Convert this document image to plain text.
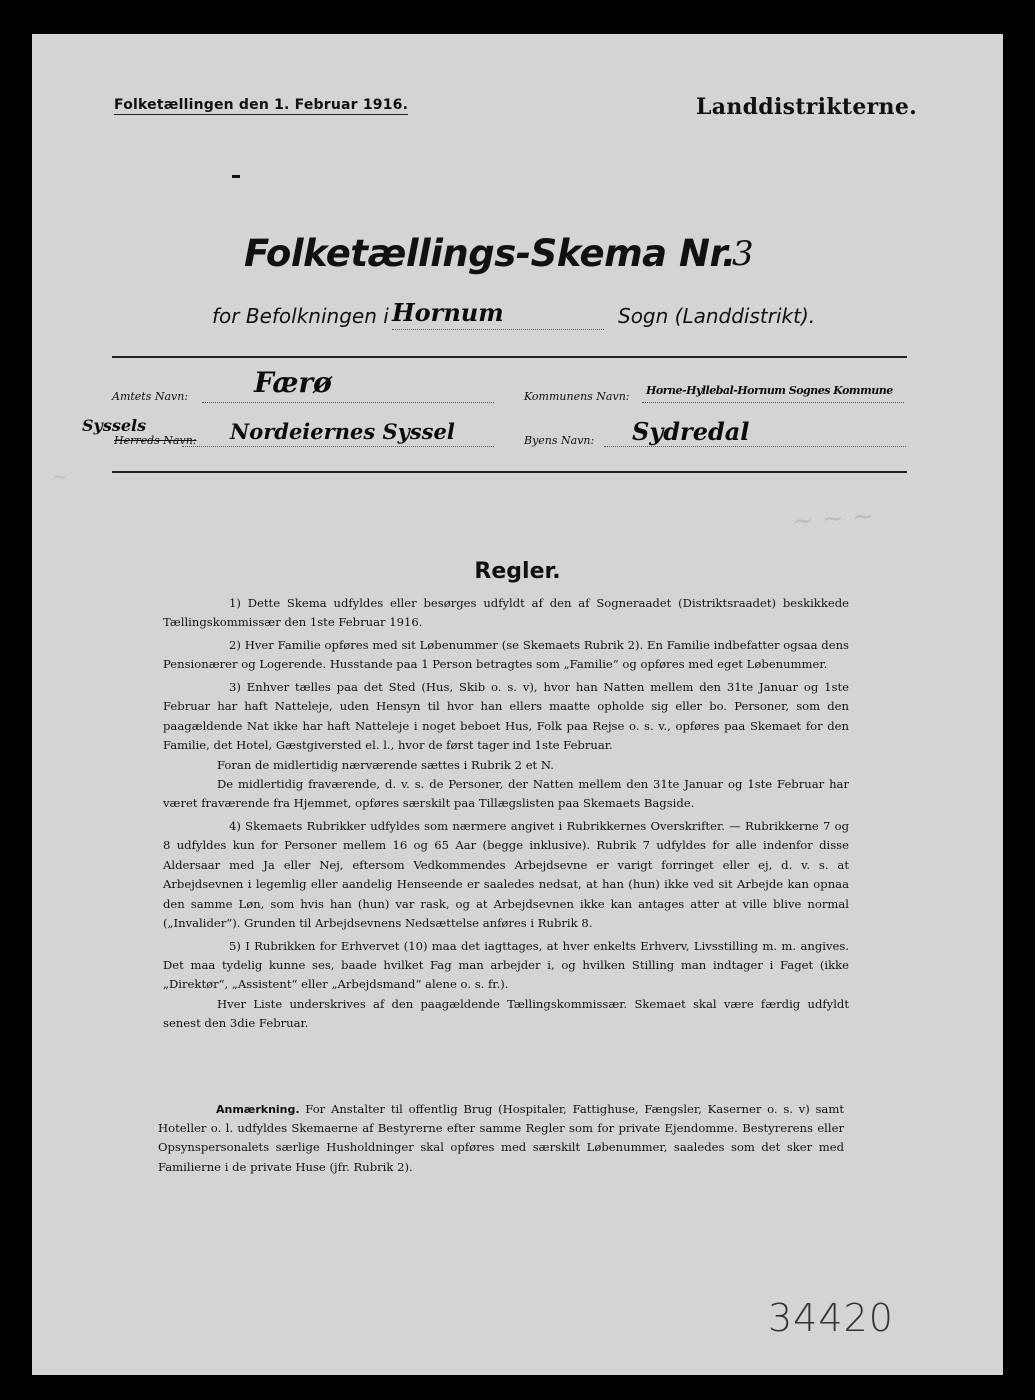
~ ~ ~
~
Folketællingen den 1. Februar 1916.	Landdistrikterne.
Folketællings-Skema Nr.
3
for Befolkningen i Hornum	Sogn (Landdistrikt).
Amtets Navn: Færø	Kommunens Navn: Horne-Hyllebal-Hornum Sognes Kommune
Syssels
Herreds Navn: Nordeiernes Syssel	Byens Navn: Sydredal
Regler.

1) Dette Skema udfyldes eller besørges udfyldt af den af Sogneraadet (Distriktsraadet) beskikkede Tællingskommissær den 1ste Februar 1916.

2) Hver Familie opføres med sit Løbenummer (se Skemaets Rubrik 2). En Familie indbefatter ogsaa dens Pensionærer og Logerende. Husstande paa 1 Person betragtes som „Familie“ og opføres med eget Løbenummer.

3) Enhver tælles paa det Sted (Hus, Skib o. s. v), hvor han Natten mellem den 31te Januar og 1ste Februar har haft Natteleje, uden Hensyn til hvor han ellers maatte opholde sig eller bo. Personer, som den paagældende Nat ikke har haft Natteleje i noget beboet Hus, Folk paa Rejse o. s. v., opføres paa Skemaet for den Familie, det Hotel, Gæstgiversted el. l., hvor de først tager ind 1ste Februar.

Foran de midlertidig nærværende sættes i Rubrik 2 et N.

De midlertidig fraværende, d. v. s. de Personer, der Natten mellem den 31te Januar og 1ste Februar har været fraværende fra Hjemmet, opføres særskilt paa Tillægslisten paa Skemaets Bagside.

4) Skemaets Rubrikker udfyldes som nærmere angivet i Rubrikkernes Overskrifter. — Rubrikkerne 7 og 8 udfyldes kun for Personer mellem 16 og 65 Aar (begge inklusive). Rubrik 7 udfyldes for alle indenfor disse Aldersaar med Ja eller Nej, eftersom Vedkommendes Arbejdsevne er varigt forringet eller ej, d. v. s. at Arbejdsevnen i legemlig eller aandelig Henseende er saaledes nedsat, at han (hun) ikke ved sit Arbejde kan opnaa den samme Løn, som hvis han (hun) var rask, og at Arbejdsevnen ikke kan antages atter at ville blive normal („Invalider“). Grunden til Arbejdsevnens Nedsættelse anføres i Rubrik 8.

5) I Rubrikken for Erhvervet (10) maa det iagttages, at hver enkelts Erhverv, Livsstilling m. m. angives. Det maa tydelig kunne ses, baade hvilket Fag man arbejder i, og hvilken Stilling man indtager i Faget (ikke „Direktør“, „Assistent“ eller „Arbejdsmand“ alene o. s. fr.).

Hver Liste underskrives af den paagældende Tællingskommissær. Skemaet skal være færdig udfyldt senest den 3die Februar.

Anmærkning. For Anstalter til offentlig Brug (Hospitaler, Fattighuse, Fængsler, Kaserner o. s. v) samt Hoteller o. l. udfyldes Skemaerne af Bestyrerne efter samme Regler som for private Ejendomme. Bestyrerens eller Opsynspersonalets særlige Husholdninger skal opføres med særskilt Løbenummer, saaledes som det sker med Familierne i de private Huse (jfr. Rubrik 2).
34420
